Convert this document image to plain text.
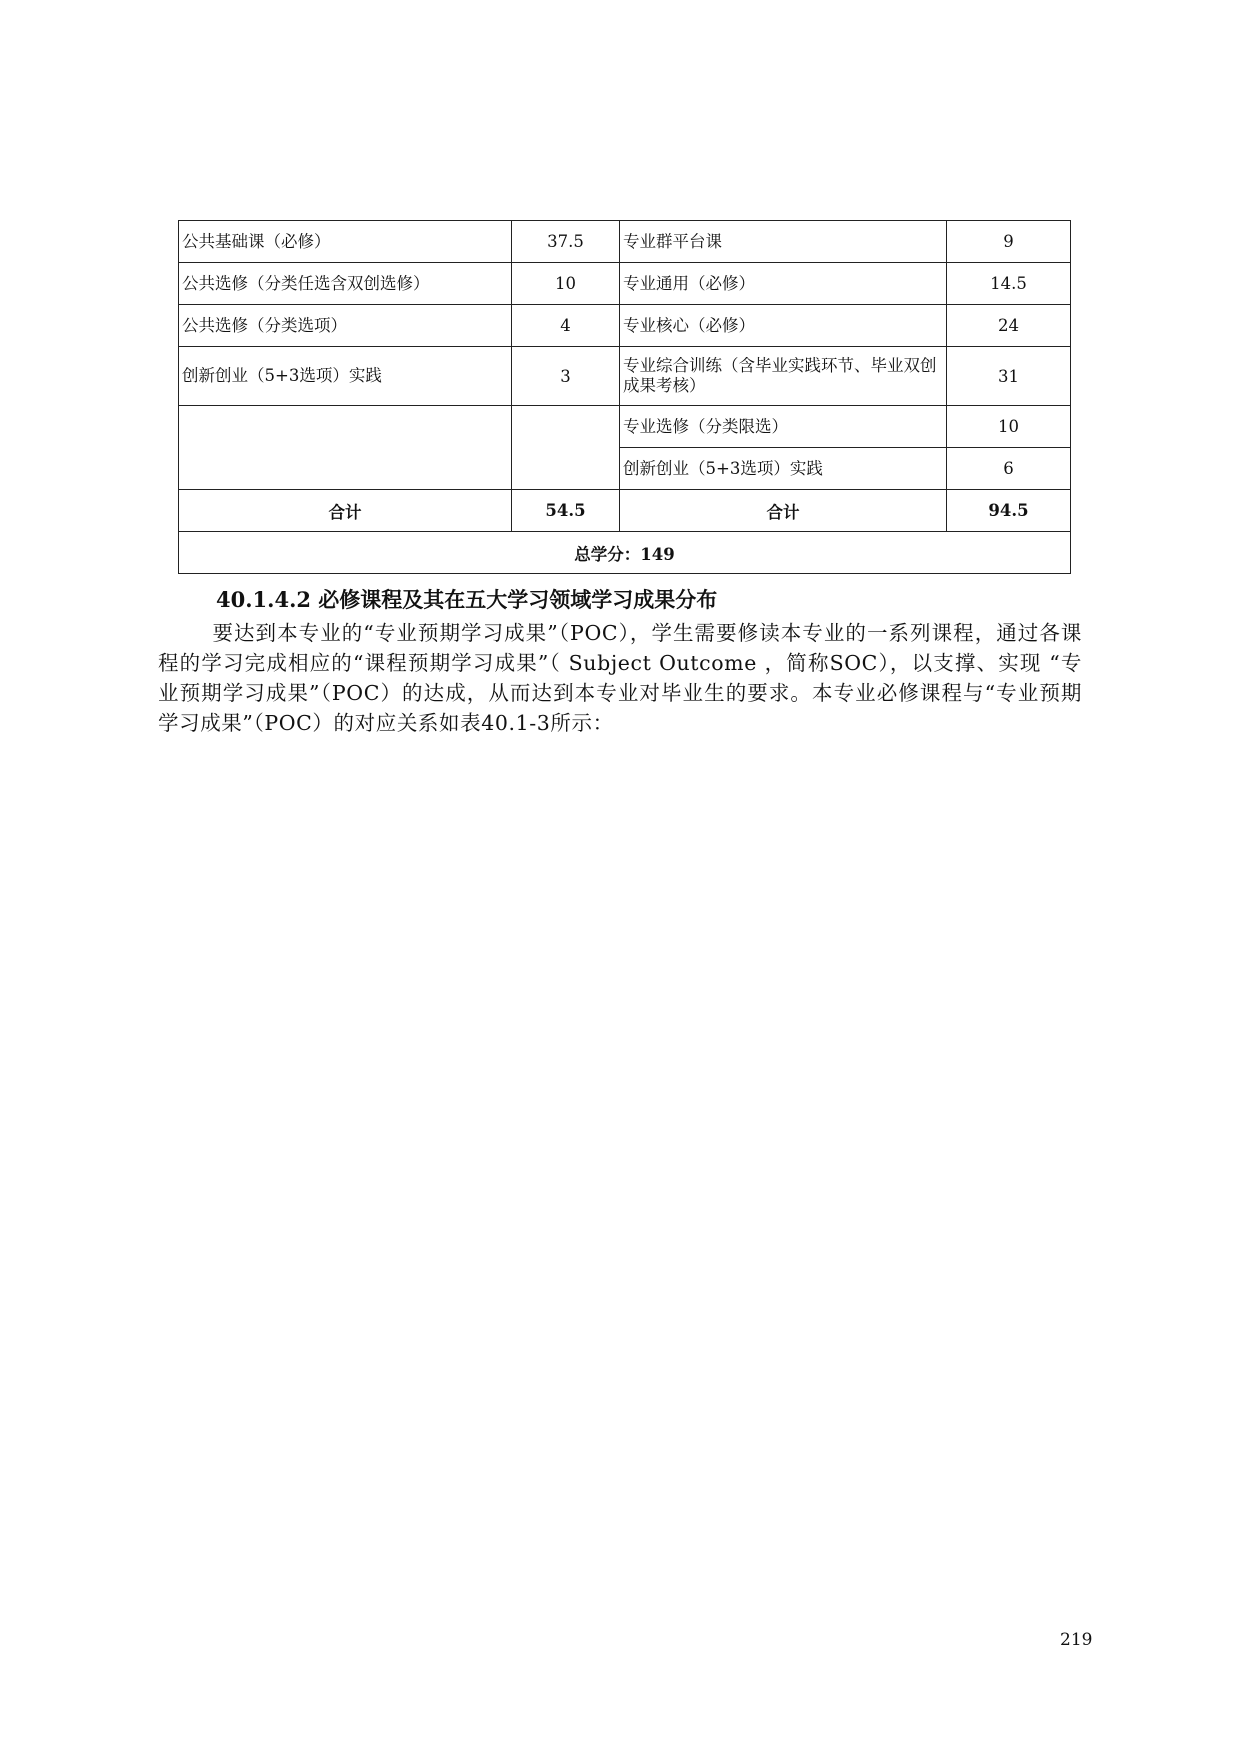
公共基础课（必修）	37.5	专业群平台课	9
公共选修（分类任选含双创选修）	10	专业通用（必修）	14.5
公共选修（分类选项）	4	专业核心（必修）	24
创新创业（5+3选项）实践	3	专业综合训练（含毕业实践环节、毕业双创成果考核）	31
		专业选修（分类限选）	10
		创新创业（5+3选项）实践	6
合计	54.5	合计	94.5
总学分：149			
40.1.4.2 必修课程及其在五大学习领域学习成果分布

要达到本专业的“专业预期学习成果”（POC），学生需要修读本专业的一系列课程，通过各课程的学习完成相应的“课程预期学习成果”（ Subject Outcome ，简称SOC），以支撑、实现 “专业预期学习成果”（POC）的达成，从而达到本专业对毕业生的要求。本专业必修课程与“专业预期学习成果”（POC）的对应关系如表40.1-3所示：

219
